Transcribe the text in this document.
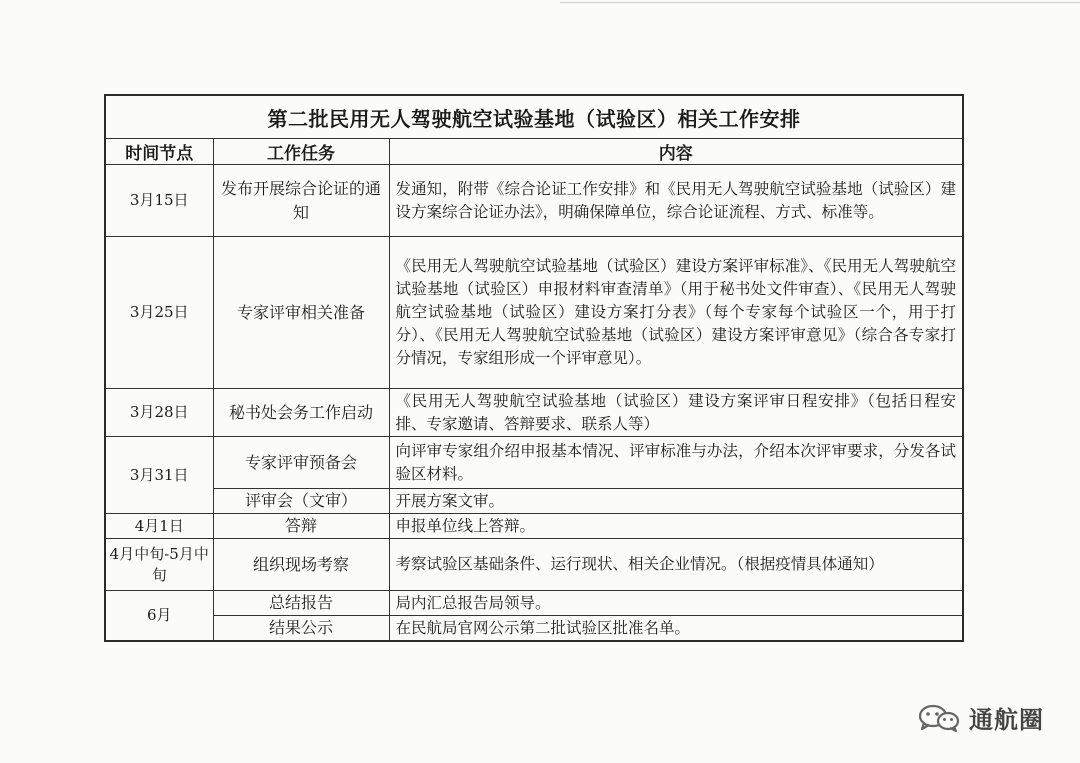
第二批民用无人驾驶航空试验基地（试验区）相关工作安排		
时间节点	工作任务	内容
3月15日	发布开展综合论证的通知	发通知，附带《综合论证工作安排》和《民用无人驾驶航空试验基地（试验区）建设方案综合论证办法》，明确保障单位，综合论证流程、方式、标准等。
3月25日	专家评审相关准备	《民用无人驾驶航空试验基地（试验区）建设方案评审标准》、《民用无人驾驶航空试验基地（试验区）申报材料审查清单》（用于秘书处文件审查）、《民用无人驾驶航空试验基地（试验区）建设方案打分表》（每个专家每个试验区一个，用于打分）、《民用无人驾驶航空试验基地（试验区）建设方案评审意见》（综合各专家打分情况，专家组形成一个评审意见）。
3月28日	秘书处会务工作启动	《民用无人驾驶航空试验基地（试验区）建设方案评审日程安排》（包括日程安排、专家邀请、答辩要求、联系人等）
3月31日	专家评审预备会	向评审专家组介绍申报基本情况、评审标准与办法，介绍本次评审要求，分发各试验区材料。
	评审会（文审）	开展方案文审。
4月1日	答辩	申报单位线上答辩。
4月中旬-5月中旬	组织现场考察	考察试验区基础条件、运行现状、相关企业情况。（根据疫情具体通知）
6月	总结报告	局内汇总报告局领导。
	结果公示	在民航局官网公示第二批试验区批准名单。
通航圈
